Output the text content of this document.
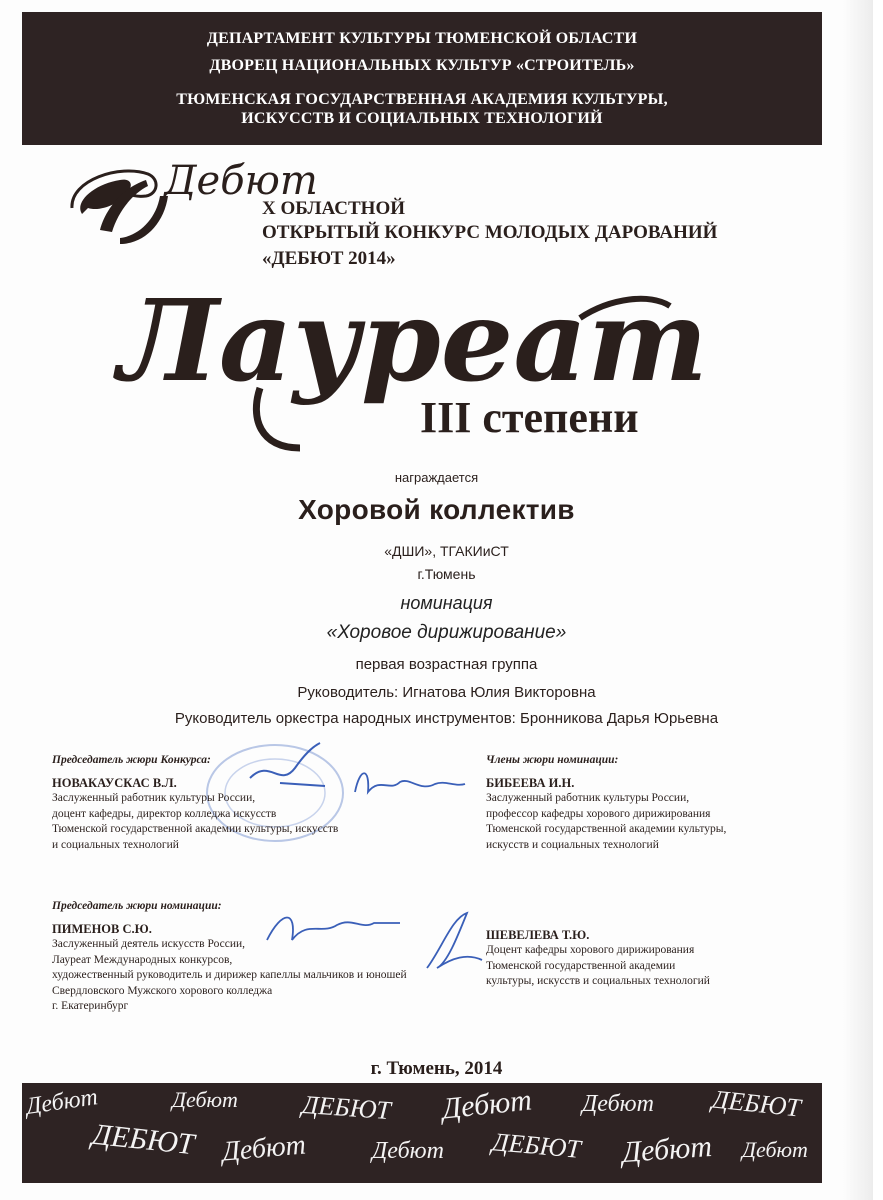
ДЕПАРТАМЕНТ КУЛЬТУРЫ ТЮМЕНСКОЙ ОБЛАСТИ
ДВОРЕЦ НАЦИОНАЛЬНЫХ КУЛЬТУР «СТРОИТЕЛЬ»
ТЮМЕНСКАЯ ГОСУДАРСТВЕННАЯ АКАДЕМИЯ КУЛЬТУРЫ,
ИСКУССТВ И СОЦИАЛЬНЫХ ТЕХНОЛОГИЙ
Дебют
X ОБЛАСТНОЙ
ОТКРЫТЫЙ КОНКУРС МОЛОДЫХ ДАРОВАНИЙ
«ДЕБЮТ 2014»
Лауреат
III степени
награждается
Хоровой коллектив
«ДШИ», ТГАКИиСТ
г.Тюмень
номинация
«Хоровое дирижирование»
первая возрастная группа
Руководитель: Игнатова Юлия Викторовна
Руководитель оркестра народных инструментов: Бронникова Дарья Юрьевна
Председатель жюри Конкурса:
НОВАКАУСКАС В.Л.
Заслуженный работник культуры России,
доцент кафедры, директор колледжа искусств
Тюменской государственной академии культуры, искусств
и социальных технологий
Члены жюри номинации:
БИБЕЕВА И.Н.
Заслуженный работник культуры России,
профессор кафедры хорового дирижирования
Тюменской государственной академии культуры,
искусств и социальных технологий
Председатель жюри номинации:
ПИМЕНОВ С.Ю.
Заслуженный деятель искусств России,
Лауреат Международных конкурсов,
художественный руководитель и дирижер капеллы мальчиков и юношей
Свердловского Мужского хорового колледжа
г. Екатеринбург
ШЕВЕЛЕВА Т.Ю.
Доцент кафедры хорового дирижирования
Тюменской государственной академии
культуры, искусств и социальных технологий
г. Тюмень, 2014
Дебют
ДЕБЮТ
Дебют
Дебют
ДЕБЮТ
Дебют
Дебют
ДЕБЮТ
Дебют
Дебют
ДЕБЮТ
Дебют
